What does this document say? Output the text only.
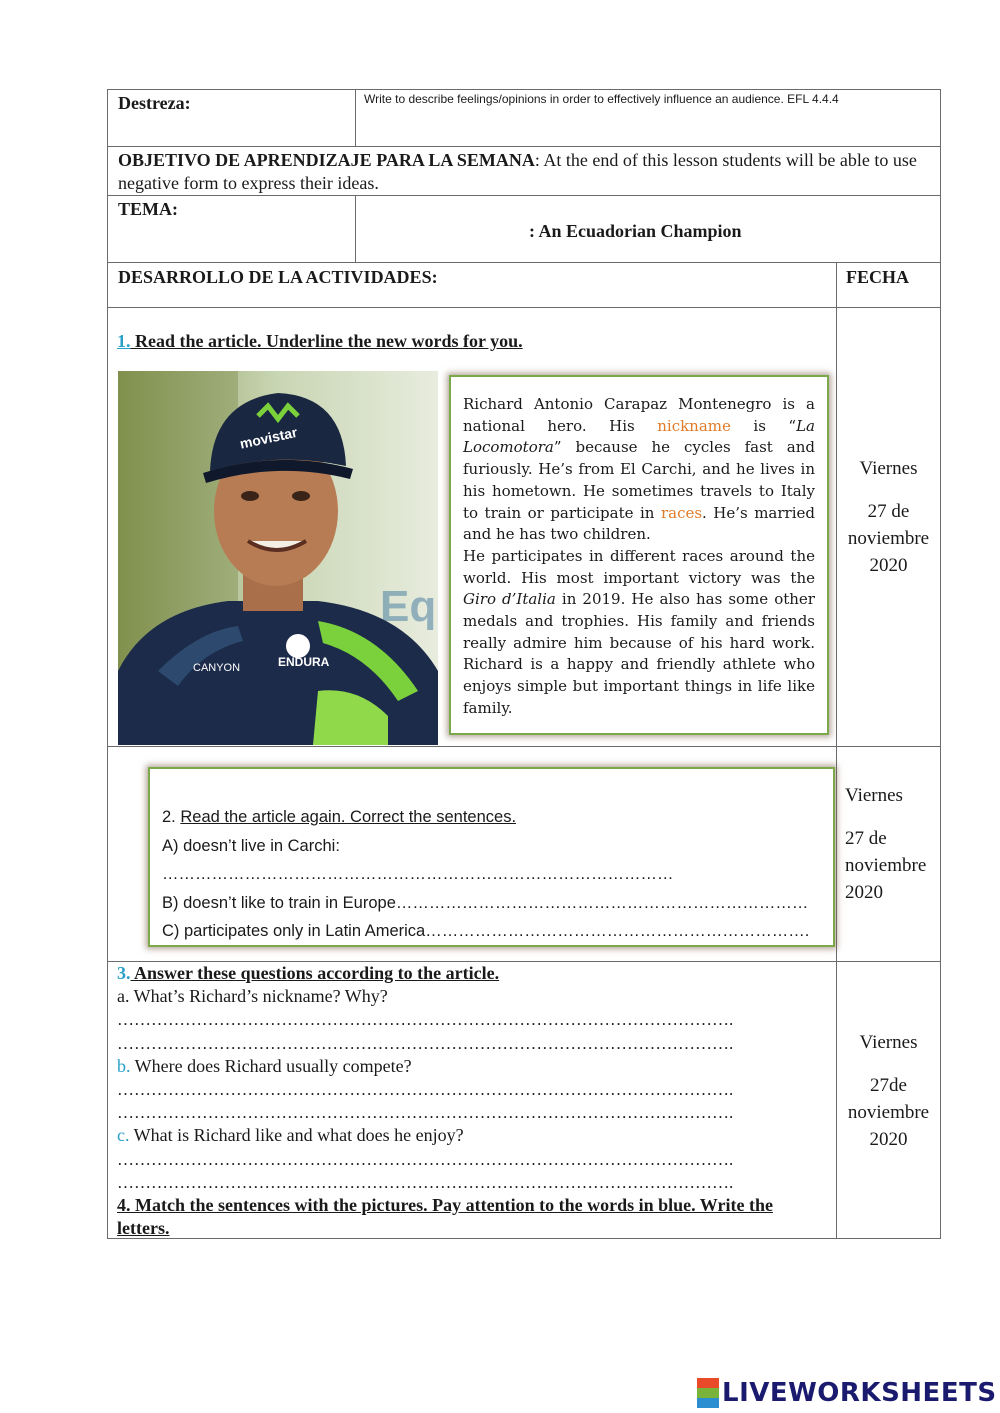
Destreza:	Write to describe feelings/opinions in order to effectively influence an audience. EFL 4.4.4
OBJETIVO DE APRENDIZAJE PARA LA SEMANA: At the end of this lesson students will be able to use negative form to express their ideas.
TEMA:
: An Ecuadorian Champion
DESARROLLO DE LA ACTIVIDADES:	FECHA
1. Read the article. Underline the new words for you.
Eq
ENDURA
CANYON
movistar

Richard Antonio Carapaz Montenegro is a national hero. His nickname is “La Locomotora” because he cycles fast and furiously. He’s from El Carchi, and he lives in his hometown. He sometimes travels to Italy to train or participate in races. He’s married and he has two children.

He participates in different races around the world. His most important victory was the Giro d’Italia in 2019. He also has some other medals and trophies. His family and friends really admire him because of his hard work. Richard is a happy and friendly athlete who enjoys simple but important things in life like family.

Viernes
27 de
noviembre
2020
2. Read the article again. Correct the sentences.
A) doesn’t live in Carchi: …………………………………………………………………………………
B) doesn’t like to train in Europe…………………………………………………………………
C) participates only in Latin America…………………………………………………………….
Viernes
27 de
noviembre
2020
3. Answer these questions according to the article.
a. What’s Richard’s nickname? Why?
……………………………………………………………………………………………….
……………………………………………………………………………………………….
b. Where does Richard usually compete?
……………………………………………………………………………………………….
……………………………………………………………………………………………….
c. What is Richard like and what does he enjoy?
……………………………………………………………………………………………….
……………………………………………………………………………………………….
4. Match the sentences with the pictures. Pay attention to the words in blue. Write the letters.
Viernes
27de
noviembre
2020
LIVEWORKSHEETS
